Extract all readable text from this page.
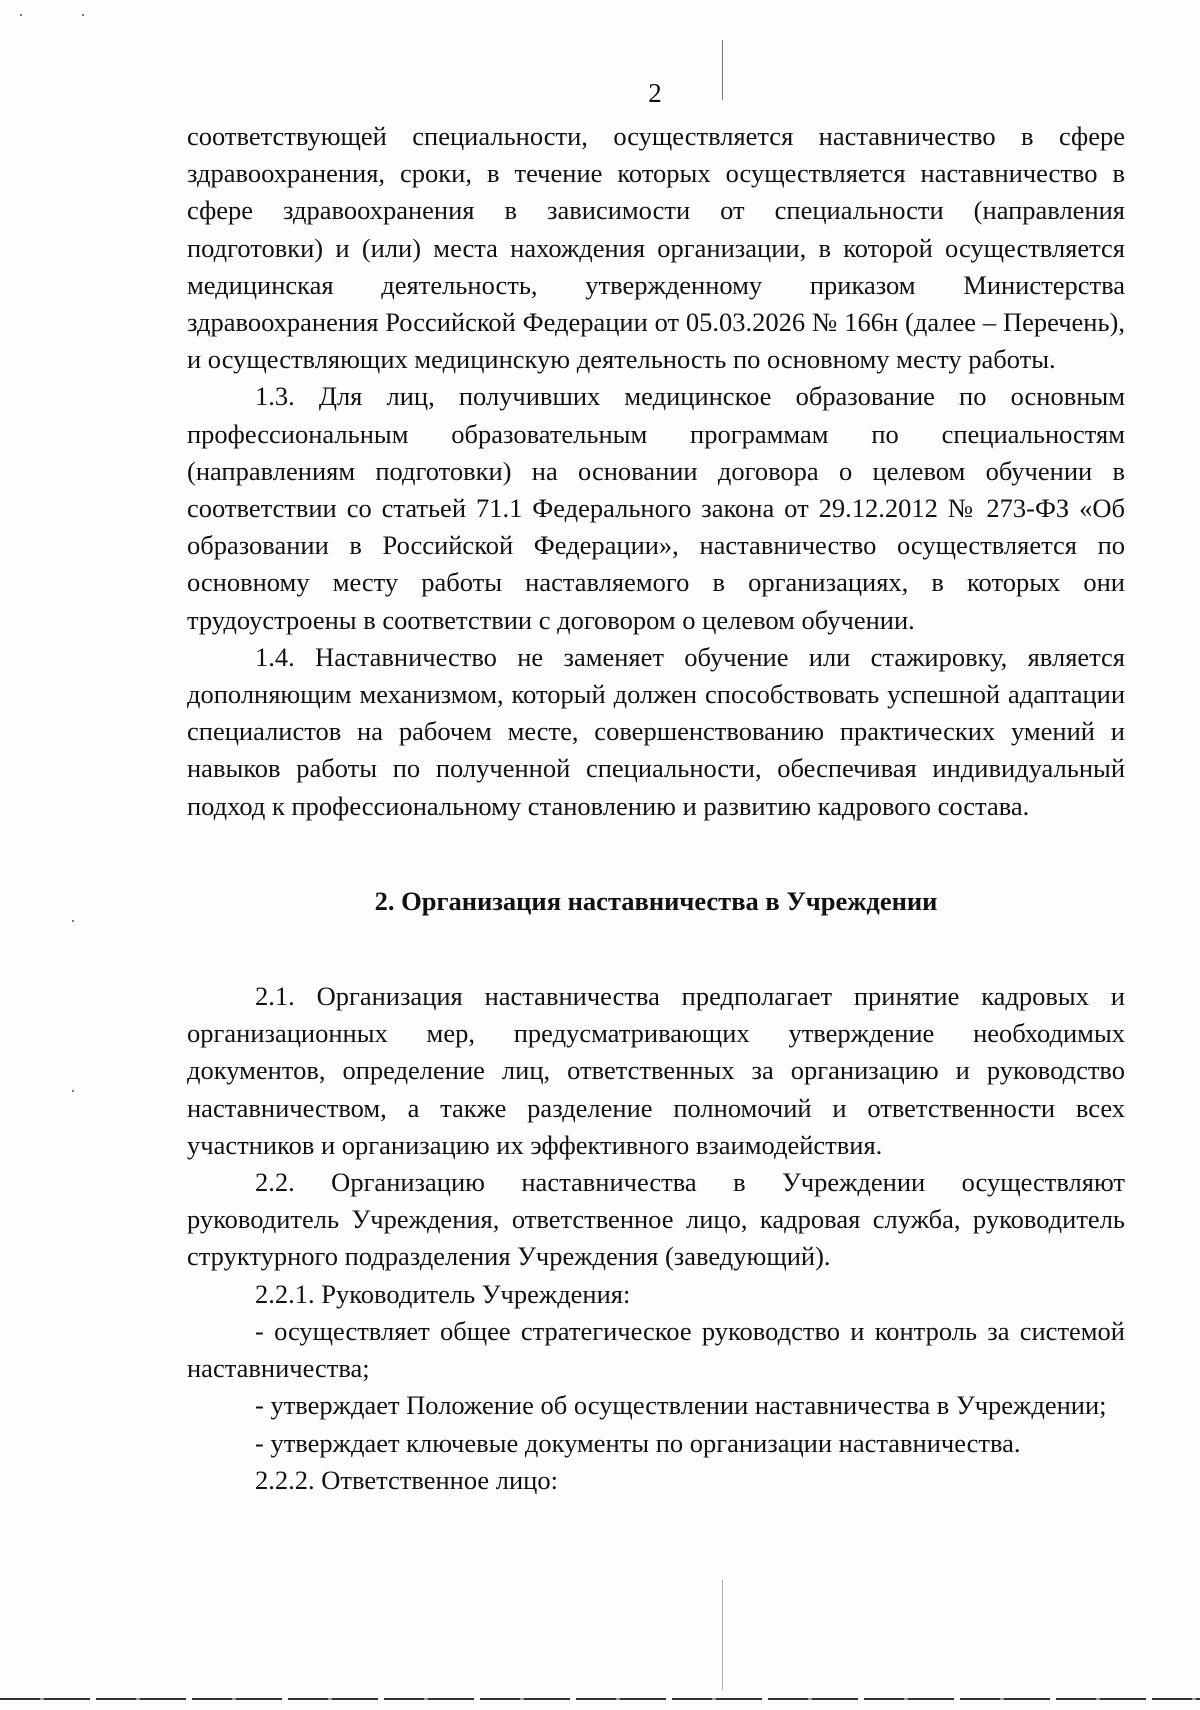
2

соответствующей специальности, осуществляется наставничество в сфере здравоохранения, сроки, в течение которых осуществляется наставничество в сфере здравоохранения в зависимости от специальности (направления подготовки) и (или) места нахождения организации, в которой осуществляется медицинская деятельность, утвержденному приказом Министерства здравоохранения Российской Федерации от 05.03.2026 № 166н (далее – Перечень), и осуществляющих медицинскую деятельность по основному месту работы.

1.3. Для лиц, получивших медицинское образование по основным профессиональным образовательным программам по специальностям (направлениям подготовки) на основании договора о целевом обучении в соответствии со статьей 71.1 Федерального закона от 29.12.2012 № 273-ФЗ «Об образовании в Российской Федерации», наставничество осуществляется по основному месту работы наставляемого в организациях, в которых они трудоустроены в соответствии с договором о целевом обучении.

1.4. Наставничество не заменяет обучение или стажировку, является дополняющим механизмом, который должен способствовать успешной адаптации специалистов на рабочем месте, совершенствованию практических умений и навыков работы по полученной специальности, обеспечивая индивидуальный подход к профессиональному становлению и развитию кадрового состава.

2. Организация наставничества в Учреждении

2.1. Организация наставничества предполагает принятие кадровых и организационных мер, предусматривающих утверждение необходимых документов, определение лиц, ответственных за организацию и руководство наставничеством, а также разделение полномочий и ответственности всех участников и организацию их эффективного взаимодействия.

2.2. Организацию наставничества в Учреждении осуществляют руководитель Учреждения, ответственное лицо, кадровая служба, руководитель структурного подразделения Учреждения (заведующий).

2.2.1. Руководитель Учреждения:

- осуществляет общее стратегическое руководство и контроль за системой наставничества;

- утверждает Положение об осуществлении наставничества в Учреждении;

- утверждает ключевые документы по организации наставничества.

2.2.2. Ответственное лицо:
